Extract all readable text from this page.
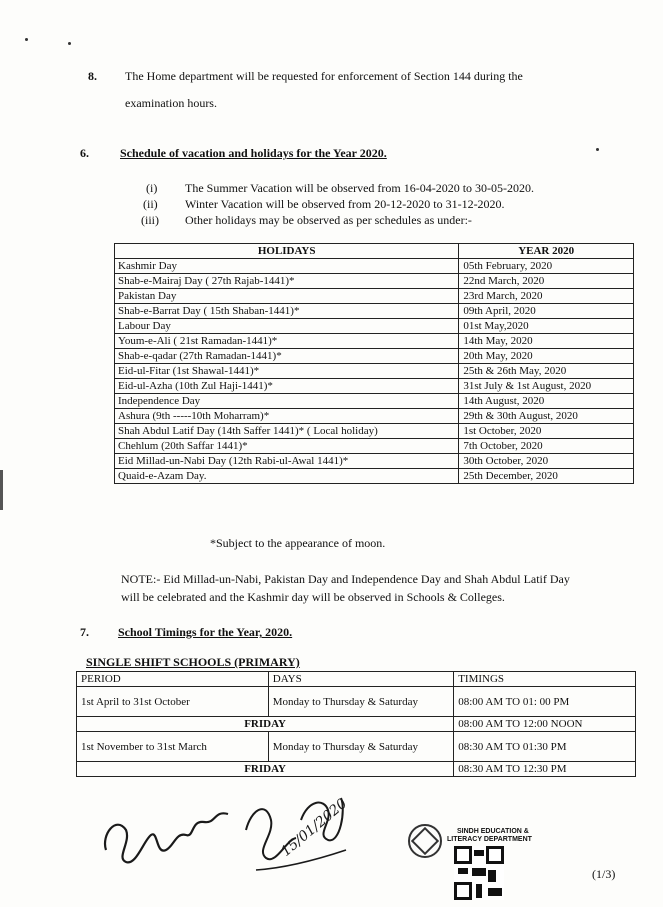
8. The Home department will be requested for enforcement of Section 144 during the
examination hours.
6.	Schedule of vacation and holidays for the Year 2020.
(i) The Summer Vacation will be observed from 16-04-2020 to 30-05-2020.
(ii) Winter Vacation will be observed from 20-12-2020 to 31-12-2020.
(iii) Other holidays may be observed as per schedules as under:-
HOLIDAYS	YEAR 2020
Kashmir Day	05th February, 2020
Shab-e-Mairaj Day ( 27th Rajab-1441)*	22nd March, 2020
Pakistan Day	23rd March, 2020
Shab-e-Barrat Day ( 15th Shaban-1441)*	09th April, 2020
Labour Day	01st May,2020
Youm-e-Ali ( 21st Ramadan-1441)*	14th May, 2020
Shab-e-qadar (27th Ramadan-1441)*	20th May, 2020
Eid-ul-Fitar (1st Shawal-1441)*	25th & 26th May, 2020
Eid-ul-Azha (10th Zul Haji-1441)*	31st July & 1st August, 2020
Independence Day	14th August, 2020
Ashura (9th -----10th Moharram)*	29th & 30th August, 2020
Shah Abdul Latif Day (14th Saffer 1441)* ( Local holiday)	1st October, 2020
Chehlum (20th Saffar 1441)*	7th October, 2020
Eid Millad-un-Nabi Day (12th Rabi-ul-Awal 1441)*	30th October, 2020
Quaid-e-Azam Day.	25th December, 2020
*Subject to the appearance of moon.
NOTE:- Eid Millad-un-Nabi, Pakistan Day and Independence Day and Shah Abdul Latif Day
will be celebrated and the Kashmir day will be observed in Schools & Colleges.
7. School Timings for the Year, 2020.
SINGLE SHIFT SCHOOLS (PRIMARY)
PERIOD	DAYS	TIMINGS
1st April to 31st October	Monday to Thursday & Saturday	08:00 AM TO 01: 00 PM
FRIDAY		08:00 AM TO 12:00 NOON
1st November to 31st March	Monday to Thursday & Saturday	08:30 AM TO 01:30 PM
FRIDAY		08:30 AM TO 12:30 PM
15/01/2020	SINDH EDUCATION &
LITERACY DEPARTMENT
(1/3)
